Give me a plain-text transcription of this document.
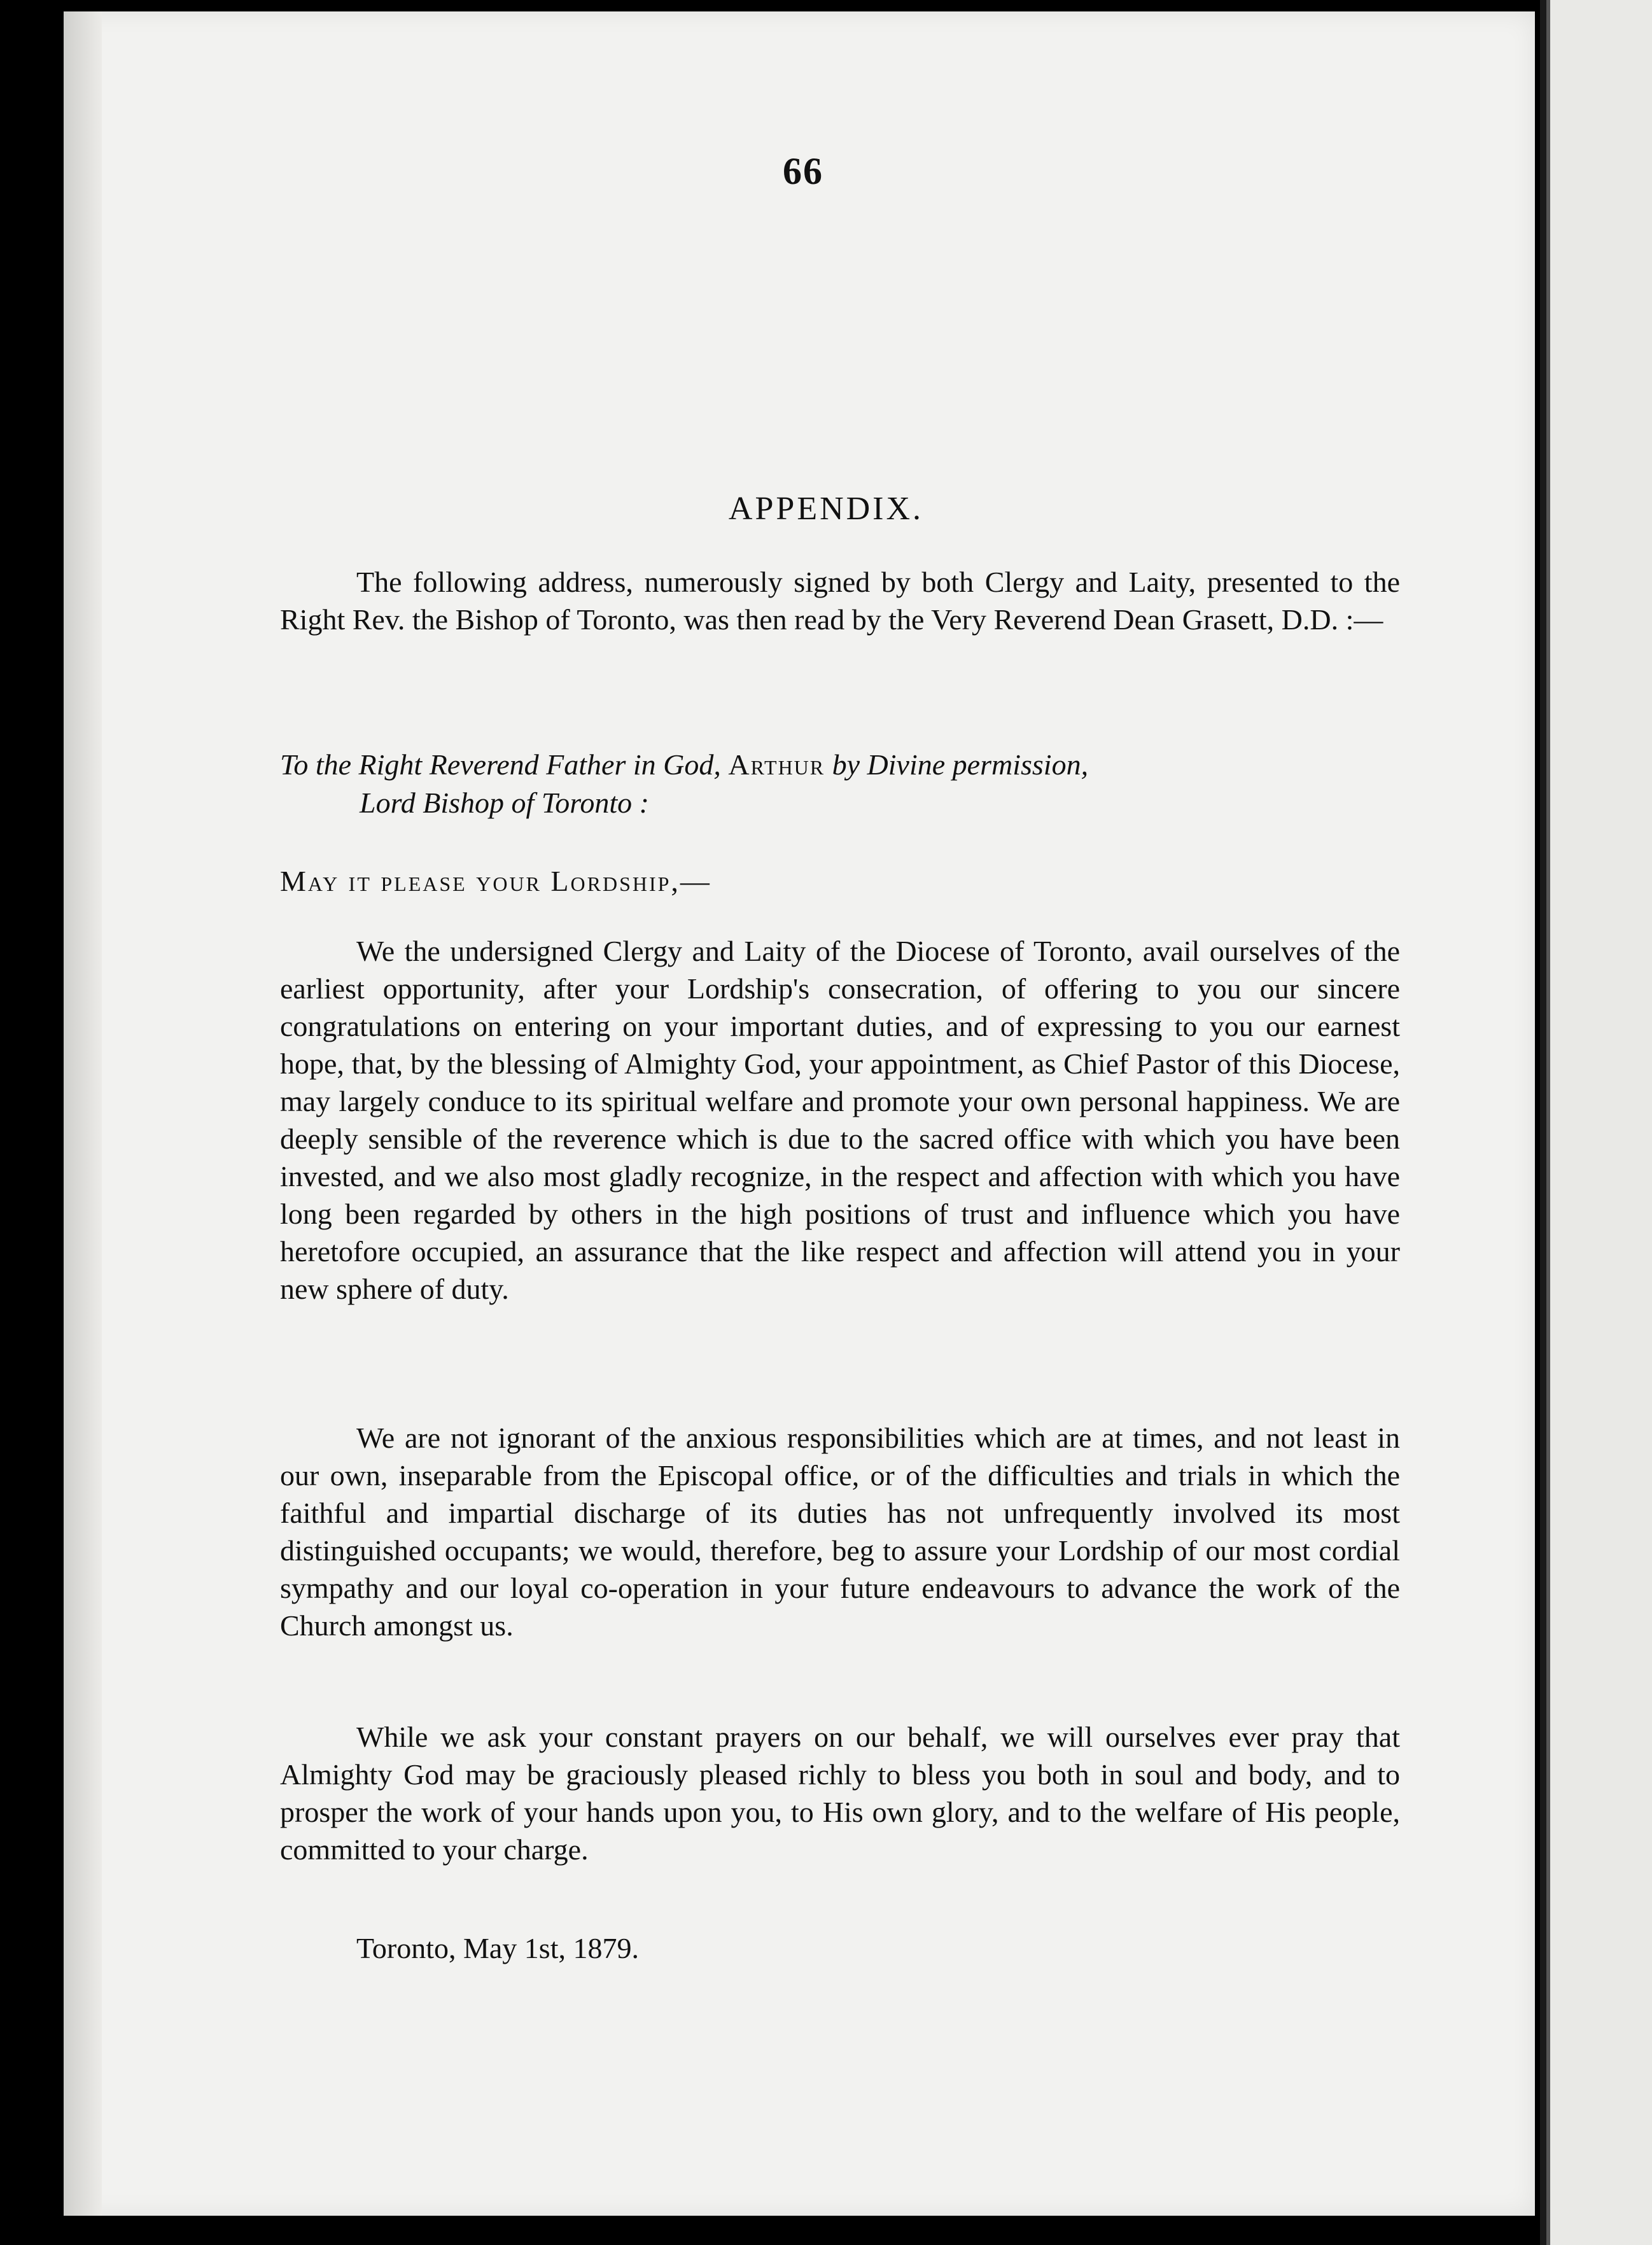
66
APPENDIX.
The following address, numerously signed by both Clergy and Laity, presented to the Right Rev. the Bishop of Toronto, was then read by the Very Reverend Dean Grasett, D.D. :—
To the Right Reverend Father in God, Arthur by Divine permission,
Lord Bishop of Toronto :
May it please your Lordship,—
We the undersigned Clergy and Laity of the Diocese of Toronto, avail ourselves of the earliest opportunity, after your Lordship's consecration, of offering to you our sincere congratulations on entering on your important duties, and of expressing to you our earnest hope, that, by the blessing of Almighty God, your appointment, as Chief Pastor of this Diocese, may largely conduce to its spiritual welfare and promote your own personal happiness. We are deeply sensible of the reverence which is due to the sacred office with which you have been invested, and we also most gladly recognize, in the respect and affection with which you have long been regarded by others in the high positions of trust and influence which you have heretofore occupied, an assurance that the like respect and affection will attend you in your new sphere of duty.
We are not ignorant of the anxious responsibilities which are at times, and not least in our own, inseparable from the Episcopal office, or of the difficulties and trials in which the faithful and impartial discharge of its duties has not unfrequently involved its most distinguished occupants; we would, therefore, beg to assure your Lordship of our most cordial sympathy and our loyal co-operation in your future endeavours to advance the work of the Church amongst us.
While we ask your constant prayers on our behalf, we will ourselves ever pray that Almighty God may be graciously pleased richly to bless you both in soul and body, and to prosper the work of your hands upon you, to His own glory, and to the welfare of His people, committed to your charge.
Toronto, May 1st, 1879.
